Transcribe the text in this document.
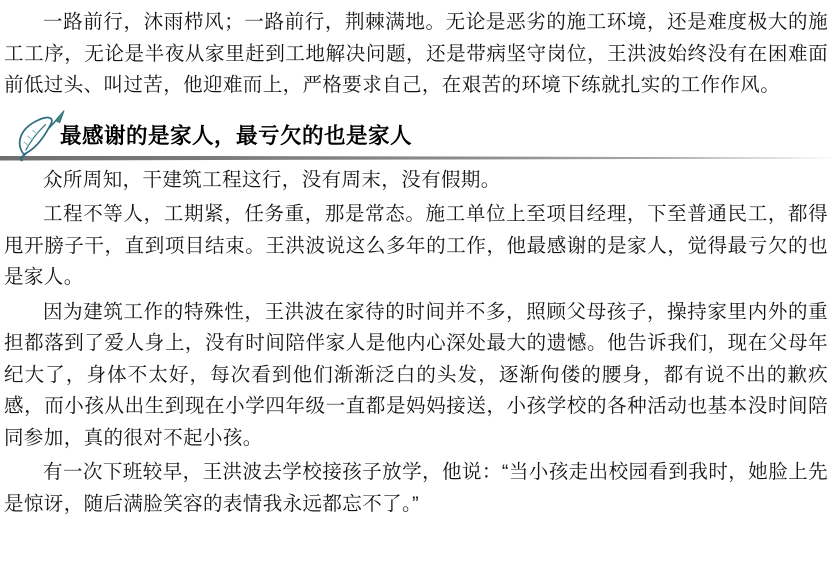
一路前行，沐雨栉风；一路前行，荆棘满地。无论是恶劣的施工环境，还是难度极大的施工工序，无论是半夜从家里赶到工地解决问题，还是带病坚守岗位，王洪波始终没有在困难面前低过头、叫过苦，他迎难而上，严格要求自己，在艰苦的环境下练就扎实的工作作风。

最感谢的是家人，最亏欠的也是家人

众所周知，干建筑工程这行，没有周末，没有假期。

工程不等人，工期紧，任务重，那是常态。施工单位上至项目经理，下至普通民工，都得甩开膀子干，直到项目结束。王洪波说这么多年的工作，他最感谢的是家人，觉得最亏欠的也是家人。

因为建筑工作的特殊性，王洪波在家待的时间并不多，照顾父母孩子，操持家里内外的重担都落到了爱人身上，没有时间陪伴家人是他内心深处最大的遗憾。他告诉我们，现在父母年纪大了，身体不太好，每次看到他们渐渐泛白的头发，逐渐佝偻的腰身，都有说不出的歉疚感，而小孩从出生到现在小学四年级一直都是妈妈接送，小孩学校的各种活动也基本没时间陪同参加，真的很对不起小孩。

有一次下班较早，王洪波去学校接孩子放学，他说：“当小孩走出校园看到我时，她脸上先是惊讶，随后满脸笑容的表情我永远都忘不了。”
